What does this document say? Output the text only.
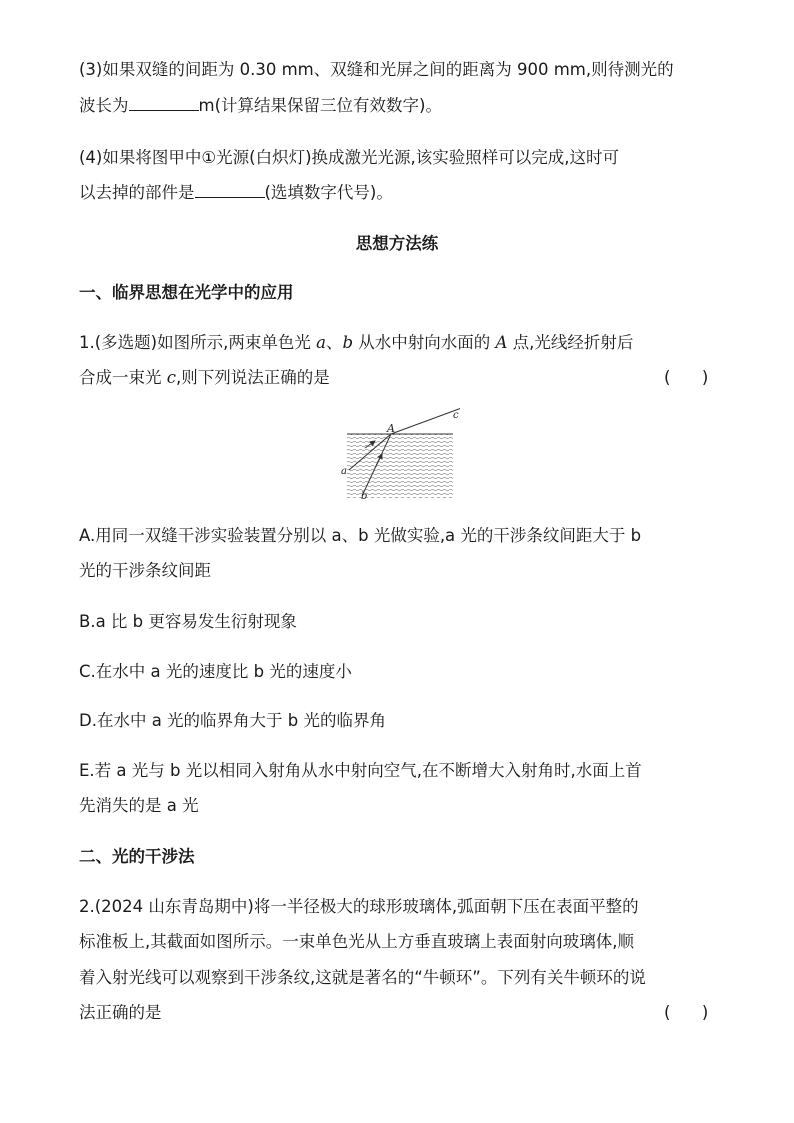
(3)如果双缝的间距为 0.30 mm、双缝和光屏之间的距离为 900 mm,则待测光的
波长为	m(计算结果保留三位有效数字)。
(4)如果将图甲中①光源(白炽灯)换成激光光源,该实验照样可以完成,这时可
以去掉的部件是	(选填数字代号)。
思想方法练
一、临界思想在光学中的应用
1.(多选题)如图所示,两束单色光 a、b 从水中射向水面的 A 点,光线经折射后
合成一束光 c,则下列说法正确的是	(      )
A
a
b
c
A.用同一双缝干涉实验装置分别以 a、b 光做实验,a 光的干涉条纹间距大于 b
光的干涉条纹间距
B.a 比 b 更容易发生衍射现象
C.在水中 a 光的速度比 b 光的速度小
D.在水中 a 光的临界角大于 b 光的临界角
E.若 a 光与 b 光以相同入射角从水中射向空气,在不断增大入射角时,水面上首
先消失的是 a 光
二、光的干涉法
2.(2024 山东青岛期中)将一半径极大的球形玻璃体,弧面朝下压在表面平整的
标准板上,其截面如图所示。一束单色光从上方垂直玻璃上表面射向玻璃体,顺
着入射光线可以观察到干涉条纹,这就是著名的“牛顿环”。下列有关牛顿环的说
法正确的是	(      )
